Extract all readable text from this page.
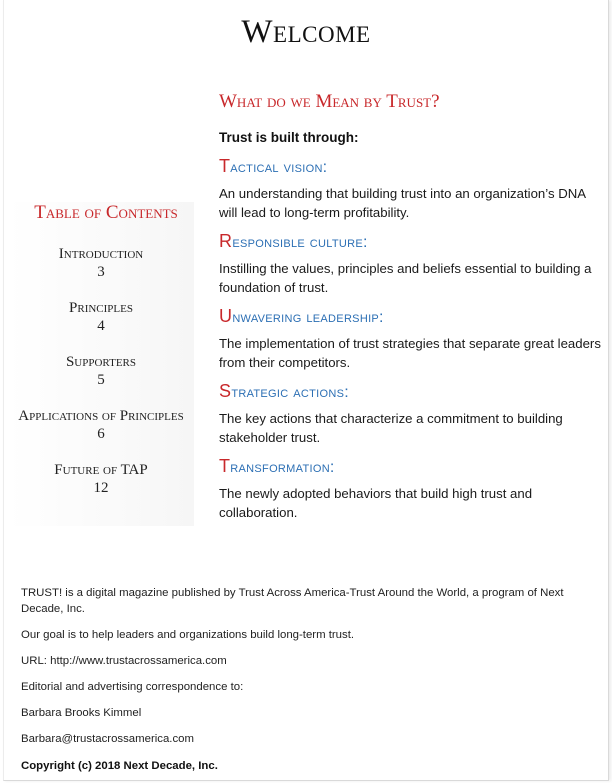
Welcome
Table of Contents
Introduction
3
Principles
4
Supporters
5
Applications of Principles
6
Future of TAP
12
What do we Mean by Trust?
Trust is built through:
Tactical vision:
An understanding that building trust into an organization’s DNA will lead to long-term profitability.
Responsible culture:
Instilling the values, principles and beliefs essential to building a foundation of trust.
Unwavering leadership:
The implementation of trust strategies that separate great leaders from their competitors.
Strategic actions:
The key actions that characterize a commitment to building stakeholder trust.
Transformation:
The newly adopted behaviors that build high trust and collaboration.

TRUST! is a digital magazine published by Trust Across America-Trust Around the World, a program of Next Decade, Inc.

Our goal is to help leaders and organizations build long-term trust.

URL: http://www.trustacrossamerica.com

Editorial and advertising correspondence to:

Barbara Brooks Kimmel

Barbara@trustacrossamerica.com

Copyright (c) 2018 Next Decade, Inc.
